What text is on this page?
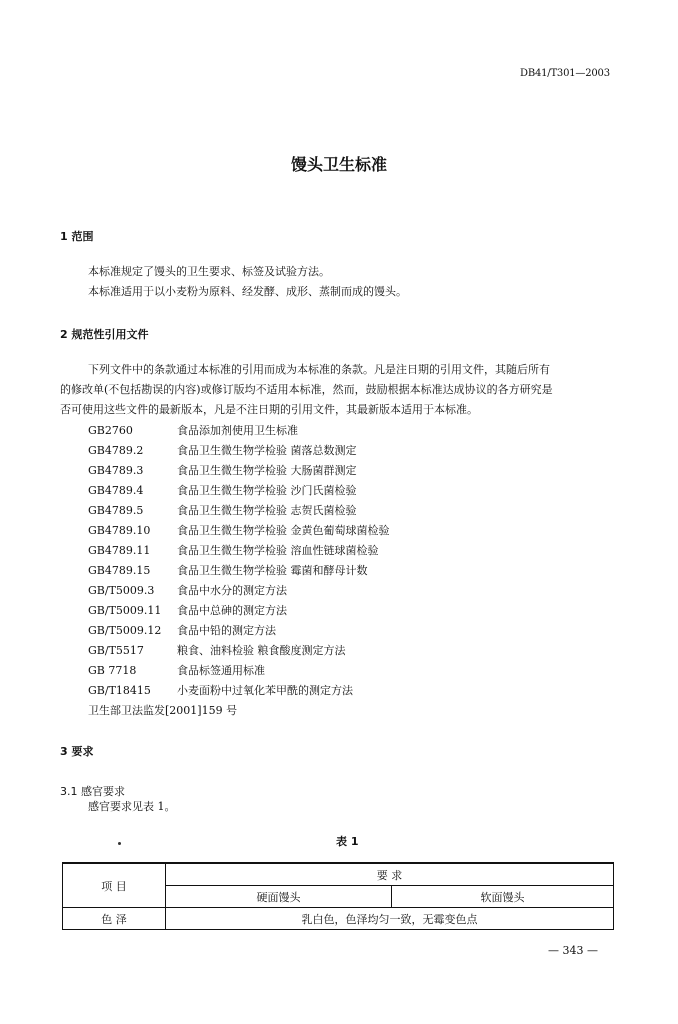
DB41/T301—2003
馒头卫生标准
1 范围
本标准规定了馒头的卫生要求、标签及试验方法。
本标准适用于以小麦粉为原料、经发酵、成形、蒸制而成的馒头。
2 规范性引用文件
下列文件中的条款通过本标准的引用而成为本标准的条款。凡是注日期的引用文件，其随后所有
的修改单(不包括勘误的内容)或修订版均不适用本标准，然而，鼓励根据本标准达成协议的各方研究是
否可使用这些文件的最新版本，凡是不注日期的引用文件，其最新版本适用于本标准。
GB2760	食品添加剂使用卫生标准
GB4789.2	食品卫生微生物学检验 菌落总数测定
GB4789.3	食品卫生微生物学检验 大肠菌群测定
GB4789.4	食品卫生微生物学检验 沙门氏菌检验
GB4789.5	食品卫生微生物学检验 志贺氏菌检验
GB4789.10	食品卫生微生物学检验 金黄色葡萄球菌检验
GB4789.11	食品卫生微生物学检验 溶血性链球菌检验
GB4789.15	食品卫生微生物学检验 霉菌和酵母计数
GB/T5009.3	食品中水分的测定方法
GB/T5009.11	食品中总砷的测定方法
GB/T5009.12	食品中铅的测定方法
GB/T5517	粮食、油料检验 粮食酸度测定方法
GB 7718	食品标签通用标准
GB/T18415	小麦面粉中过氧化苯甲酰的测定方法
卫生部卫法监发[2001]159 号
3 要求
3.1 感官要求
感官要求见表 1。
表 1
项 目	要 求	
	硬面馒头	软面馒头
色 泽	乳白色，色泽均匀一致，无霉变色点	
— 343 —
